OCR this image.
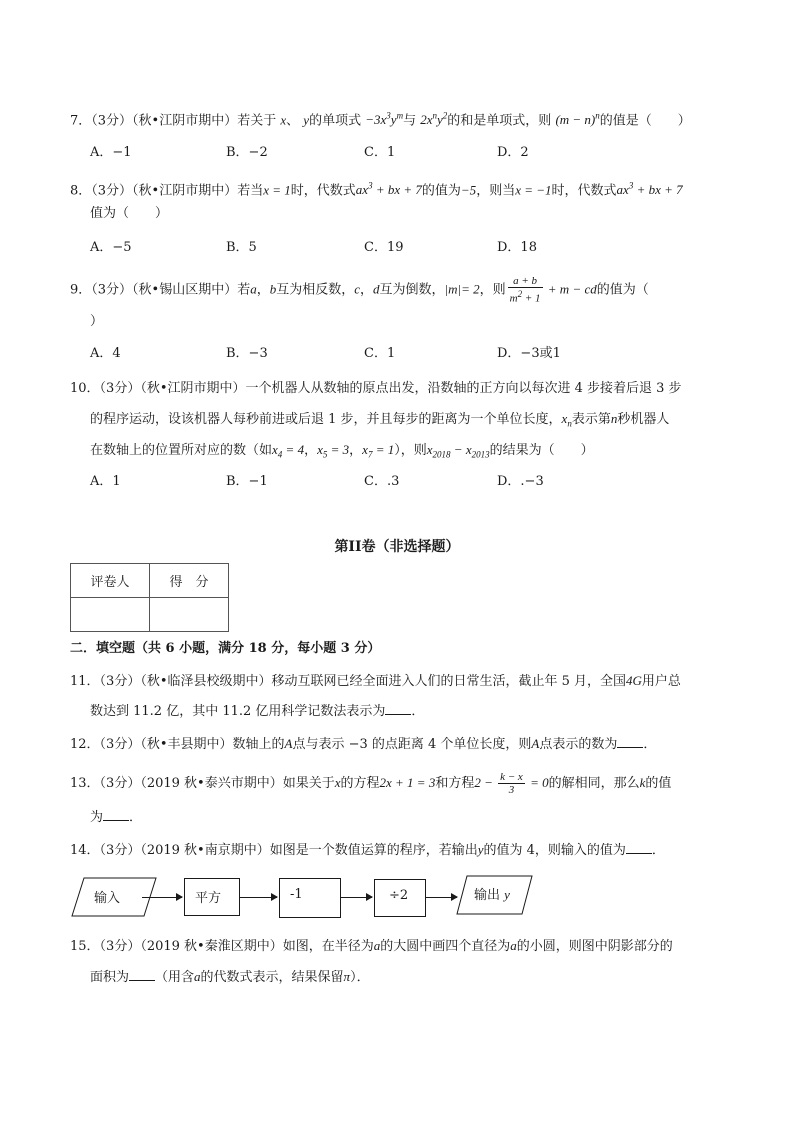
7．（3分）（秋•江阴市期中）若关于 x、 y的单项式 $-3x^3y^m$与 $2x^ny^2$的和是单项式，则 $(m - n)^n$的值是（　　）
A．−1	B．−2	C．1	D．2
8．（3分）（秋•江阴市期中）若当x = 1时，代数式$ax^3$ + bx + 7的值为−5，则当x = −1时，代数式$ax^3$ + bx + 7
值为（　　）
A．−5	B．5	C．19	D．18
9．（3分）（秋•锡山区期中）若a，b互为相反数，c，d互为倒数，|m|= 2，则 $\frac{a + b}{m^2 + 1} + m$ − cd的值为（
）
A．4	B．−3	C．1	D．−3或1
10．（3分）（秋•江阴市期中）一个机器人从数轴的原点出发，沿数轴的正方向以每次进 4 步接着后退 3 步
的程序运动，设该机器人每秒前进或后退 1 步，并且每步的距离为一个单位长度，$x_n$表示第n秒机器人
在数轴上的位置所对应的数（如$x_4 = 4$，$x_5 = 3$，$x_7 = 1$），则$x_{2018} - x_{2013}$的结果为（　　）
A．1	B．−1	C．.3	D．.−3
第II卷（非选择题）
评卷人	得　分

二．填空题（共 6 小题，满分 18 分，每小题 3 分）
11．（3分）（秋•临泽县校级期中）移动互联网已经全面进入人们的日常生活，截止年 5 月，全国4G用户总
数达到 11.2 亿，其中 11.2 亿用科学记数法表示为 ．
12．（3分）（秋•丰县期中）数轴上的A点与表示 −3 的点距离 4 个单位长度，则A点表示的数为 ．
13．（3分）（2019 秋•泰兴市期中）如果关于x的方程2x + 1 = 3和方程$2 - \frac{k - x}{3} = 0$的解相同，那么k的值
为 ．
14．（3分）（2019 秋•南京期中）如图是一个数值运算的程序，若输出y的值为 4，则输入的值为 ．
输入	平方	-1	÷2	输出 y
15．（3分）（2019 秋•秦淮区期中）如图，在半径为a的大圆中画四个直径为a的小圆，则图中阴影部分的
面积为 （用含a的代数式表示，结果保留π）．
